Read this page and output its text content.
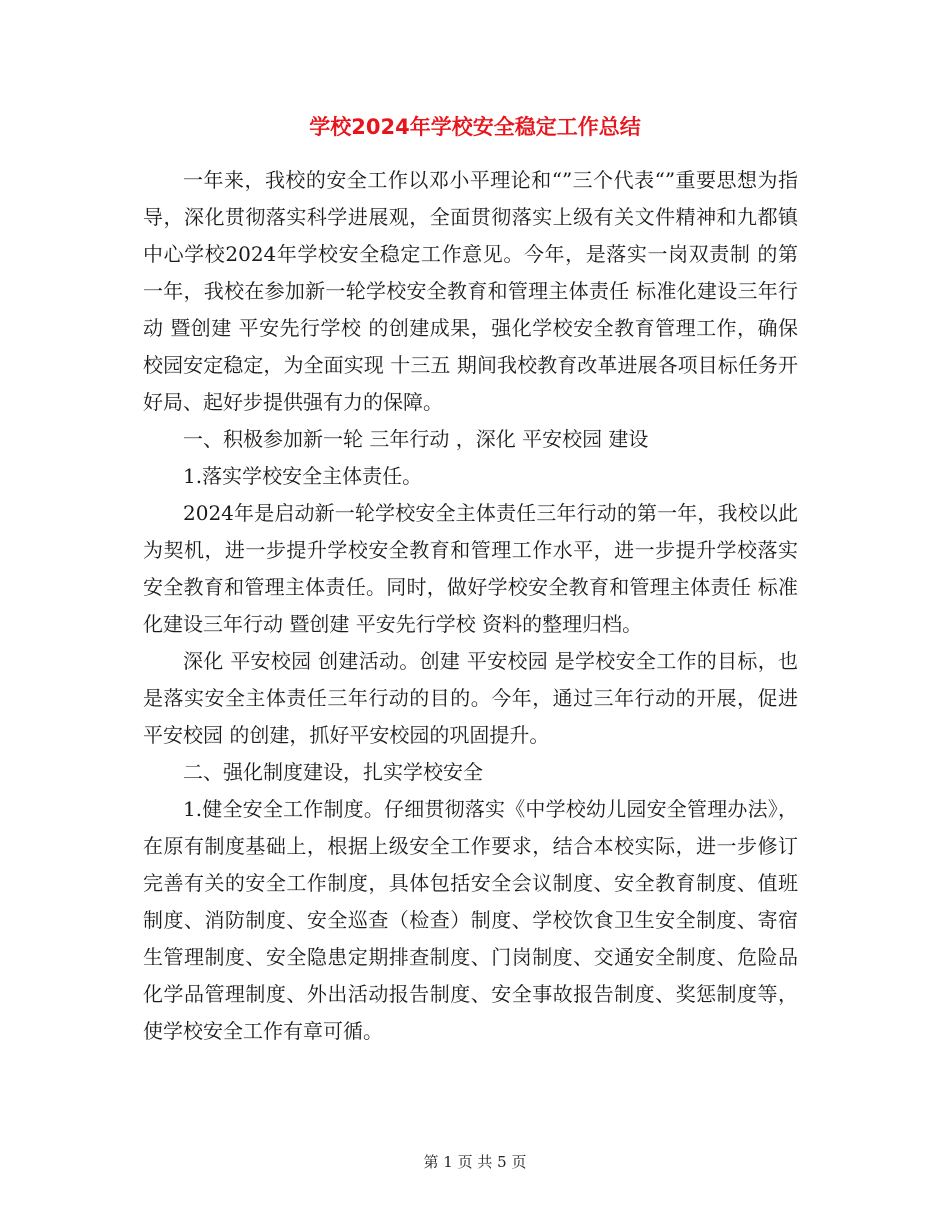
学校2024年学校安全稳定工作总结

一年来，我校的安全工作以邓小平理论和“”三个代表“”重要思想为指导，深化贯彻落实科学进展观，全面贯彻落实上级有关文件精神和九都镇中心学校2024年学校安全稳定工作意见。今年，是落实一岗双责制 的第一年，我校在参加新一轮学校安全教育和管理主体责任 标准化建设三年行动 暨创建 平安先行学校 的创建成果，强化学校安全教育管理工作，确保校园安定稳定，为全面实现 十三五 期间我校教育改革进展各项目标任务开好局、起好步提供强有力的保障。

一、积极参加新一轮 三年行动 ，深化 平安校园 建设

1.落实学校安全主体责任。

2024年是启动新一轮学校安全主体责任三年行动的第一年，我校以此为契机，进一步提升学校安全教育和管理工作水平，进一步提升学校落实安全教育和管理主体责任。同时，做好学校安全教育和管理主体责任 标准化建设三年行动 暨创建 平安先行学校 资料的整理归档。

深化 平安校园 创建活动。创建 平安校园 是学校安全工作的目标，也是落实安全主体责任三年行动的目的。今年，通过三年行动的开展，促进 平安校园 的创建，抓好平安校园的巩固提升。

二、强化制度建设，扎实学校安全

1.健全安全工作制度。仔细贯彻落实《中学校幼儿园安全管理办法》，在原有制度基础上，根据上级安全工作要求，结合本校实际，进一步修订完善有关的安全工作制度，具体包括安全会议制度、安全教育制度、值班制度、消防制度、安全巡查（检查）制度、学校饮食卫生安全制度、寄宿生管理制度、安全隐患定期排查制度、门岗制度、交通安全制度、危险品化学品管理制度、外出活动报告制度、安全事故报告制度、奖惩制度等，使学校安全工作有章可循。

第 1 页 共 5 页
